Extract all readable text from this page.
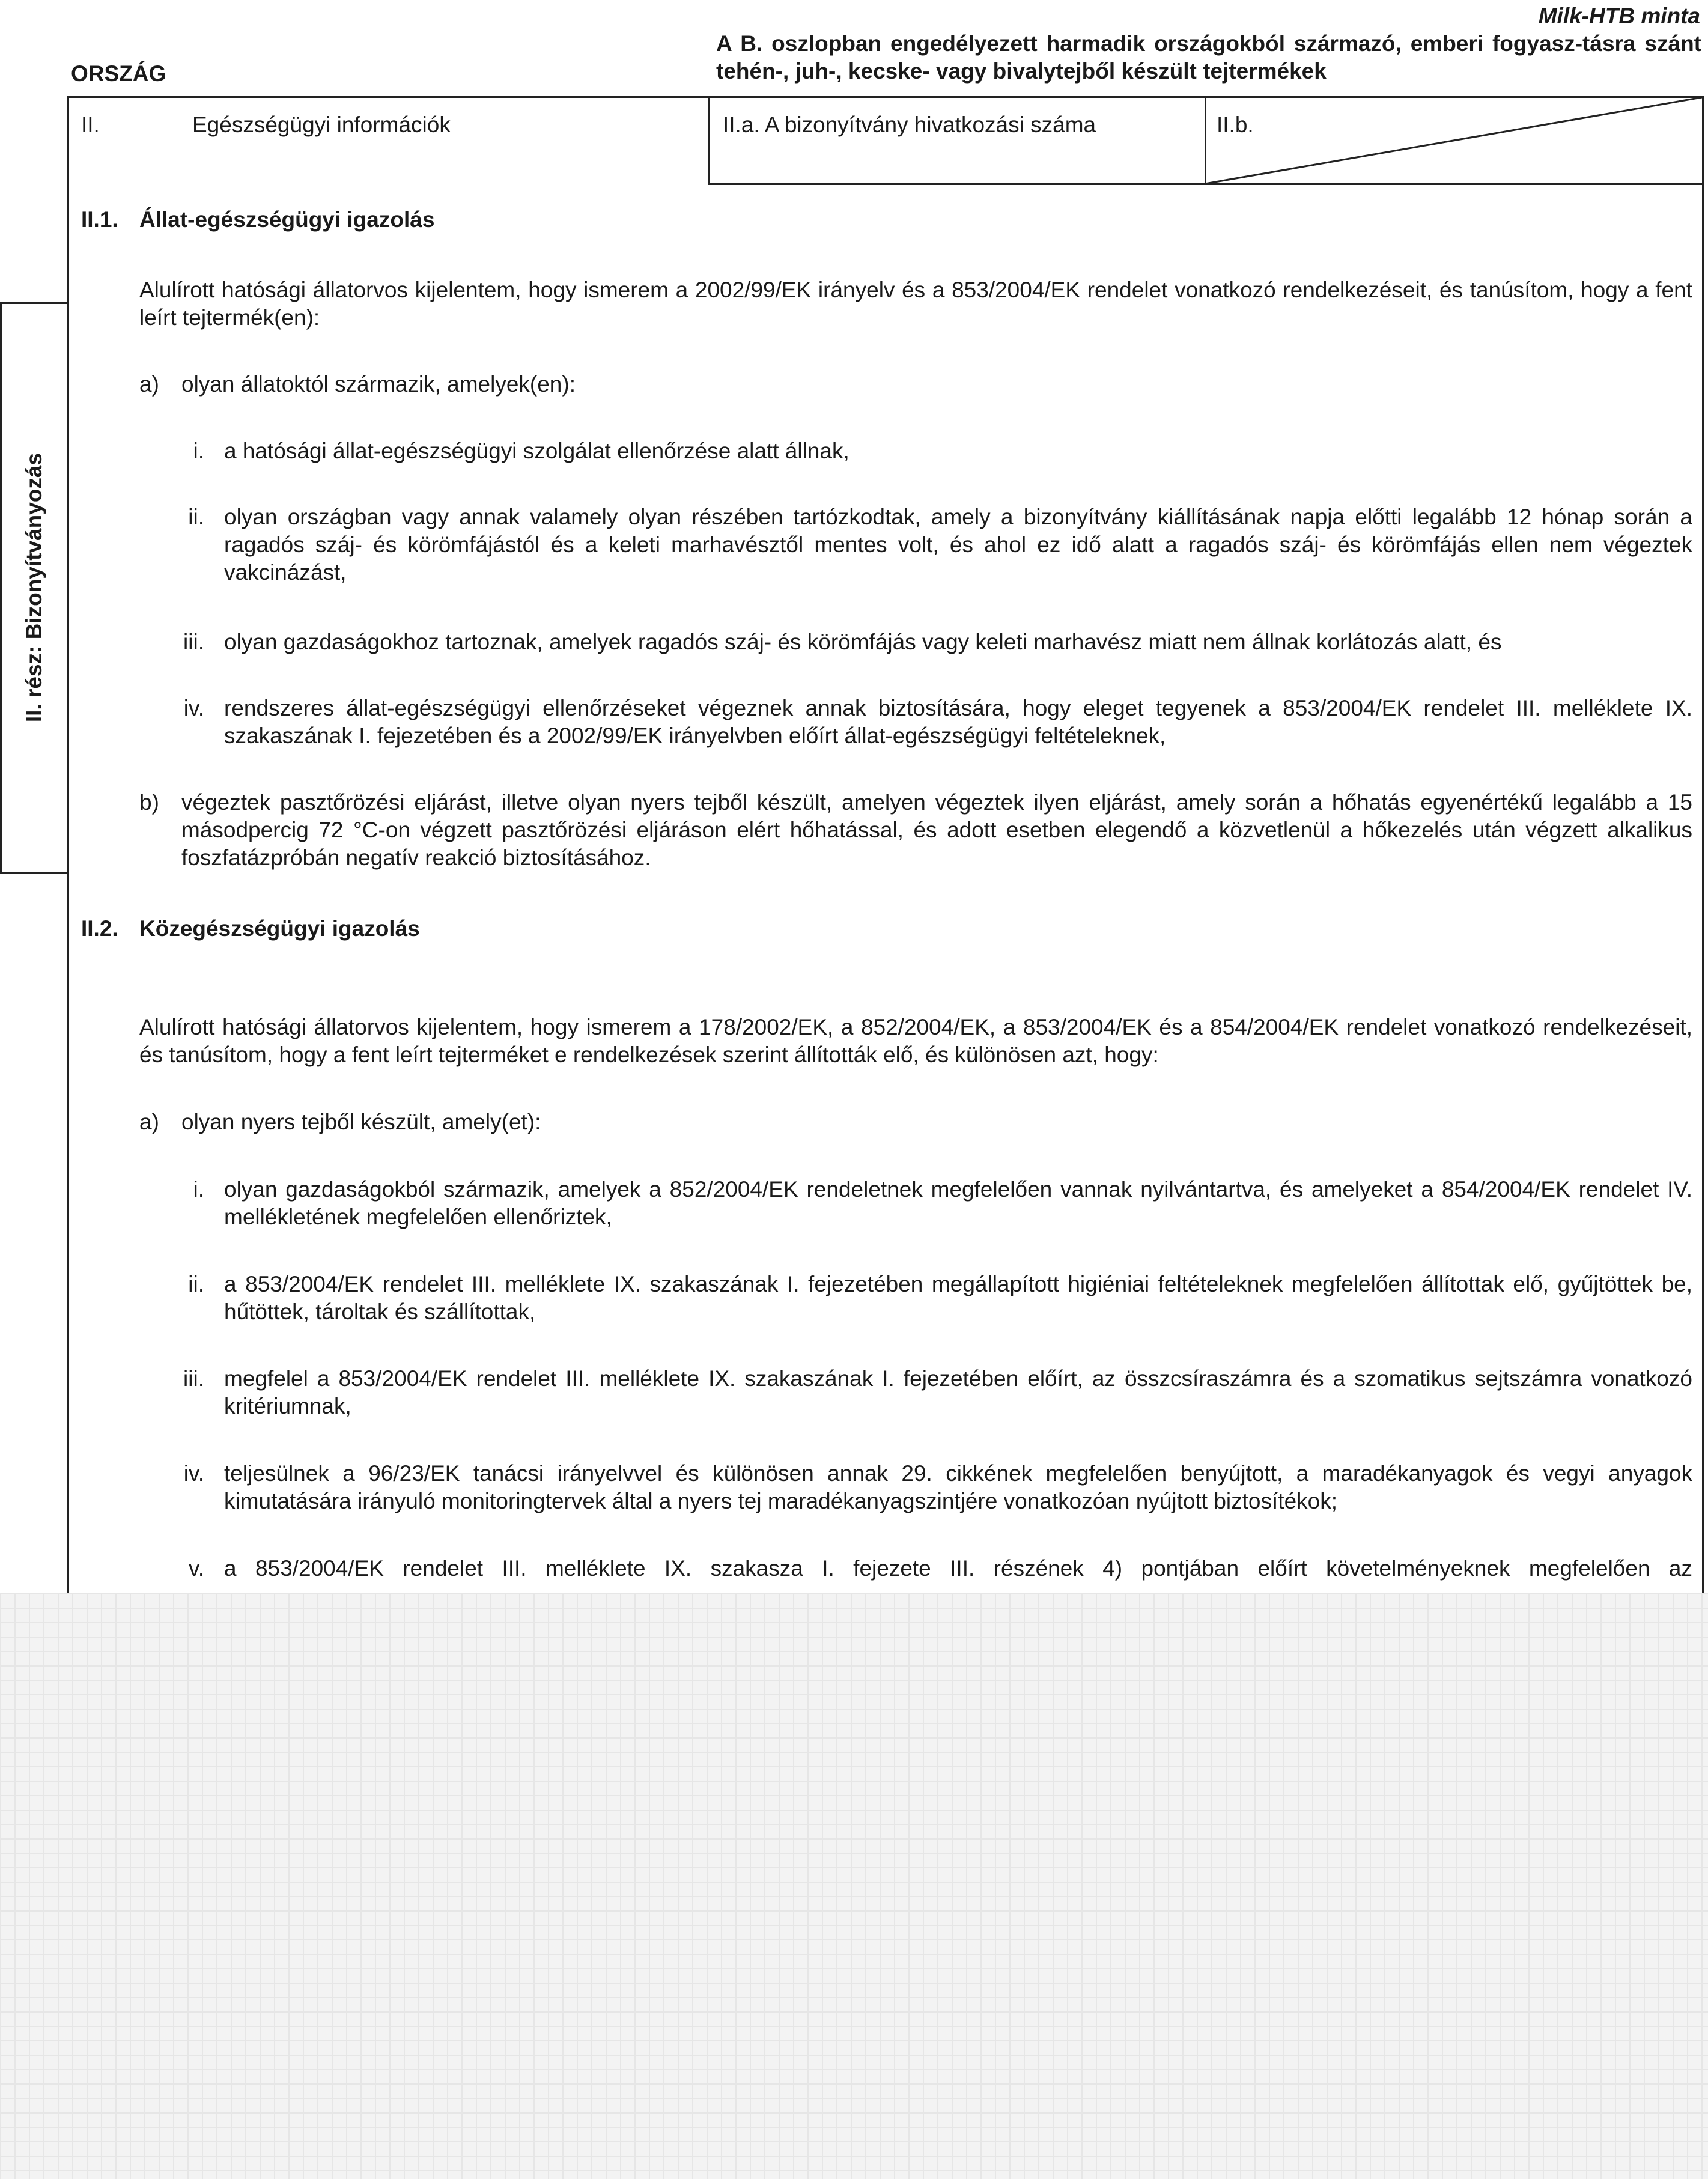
Milk-HTB minta
ORSZÁG
A B. oszlopban engedélyezett harmadik országokból származó, emberi fogyasz-tásra szánt tehén-, juh-, kecske- vagy bivalytejből készült tejtermékek
II.	Egészségügyi információk	II.a. A bizonyítvány hivatkozási száma	II.b.
II. rész: Bizonyítványozás
II.1. Állat-egészségügyi igazolás
Alulírott hatósági állatorvos kijelentem, hogy ismerem a 2002/99/EK irányelv és a 853/2004/EK rendelet vonatkozó rendelkezéseit, és tanúsítom, hogy a fent leírt tejtermék(en):
a) olyan állatoktól származik, amelyek(en):
i. a hatósági állat-egészségügyi szolgálat ellenőrzése alatt állnak,
ii. olyan országban vagy annak valamely olyan részében tartózkodtak, amely a bizonyítvány kiállításának napja előtti legalább 12 hónap során a ragadós száj- és körömfájástól és a keleti marhavésztől mentes volt, és ahol ez idő alatt a ragadós száj- és körömfájás ellen nem végeztek vakcinázást,
iii. olyan gazdaságokhoz tartoznak, amelyek ragadós száj- és körömfájás vagy keleti marhavész miatt nem állnak korlátozás alatt, és
iv. rendszeres állat-egészségügyi ellenőrzéseket végeznek annak biztosítására, hogy eleget tegyenek a 853/2004/EK rendelet III. melléklete IX. szakaszának I. fejezetében és a 2002/99/EK irányelvben előírt állat-egészségügyi feltételeknek,
b) végeztek pasztőrözési eljárást, illetve olyan nyers tejből készült, amelyen végeztek ilyen eljárást, amely során a hőhatás egyenértékű legalább a 15 másodpercig 72 °C-on végzett pasztőrözési eljáráson elért hőhatással, és adott esetben elegendő a közvetlenül a hőkezelés után végzett alkalikus foszfatázpróbán negatív reakció biztosításához.
II.2. Közegészségügyi igazolás
Alulírott hatósági állatorvos kijelentem, hogy ismerem a 178/2002/EK, a 852/2004/EK, a 853/2004/EK és a 854/2004/EK rendelet vonatkozó rendelkezéseit, és tanúsítom, hogy a fent leírt tejterméket e rendelkezések szerint állították elő, és különösen azt, hogy:
a) olyan nyers tejből készült, amely(et):
i. olyan gazdaságokból származik, amelyek a 852/2004/EK rendeletnek megfelelően vannak nyilvántartva, és amelyeket a 854/2004/EK rendelet IV. mellékletének megfelelően ellenőriztek,
ii. a 853/2004/EK rendelet III. melléklete IX. szakaszának I. fejezetében megállapított higiéniai feltételeknek megfelelően állítottak elő, gyűjtöttek be, hűtöttek, tároltak és szállítottak,
iii. megfelel a 853/2004/EK rendelet III. melléklete IX. szakaszának I. fejezetében előírt, az összcsíraszámra és a szomatikus sejtszámra vonatkozó kritériumnak,
iv. teljesülnek a 96/23/EK tanácsi irányelvvel és különösen annak 29. cikkének megfelelően benyújtott, a maradékanyagok és vegyi anyagok kimutatására irányuló monitoringtervek által a nyers tej maradékanyagszintjére vonatkozóan nyújtott biztosítékok;
v. a 853/2004/EK rendelet III. melléklete IX. szakasza I. fejezete III. részének 4) pontjában előírt követelményeknek megfelelően az
